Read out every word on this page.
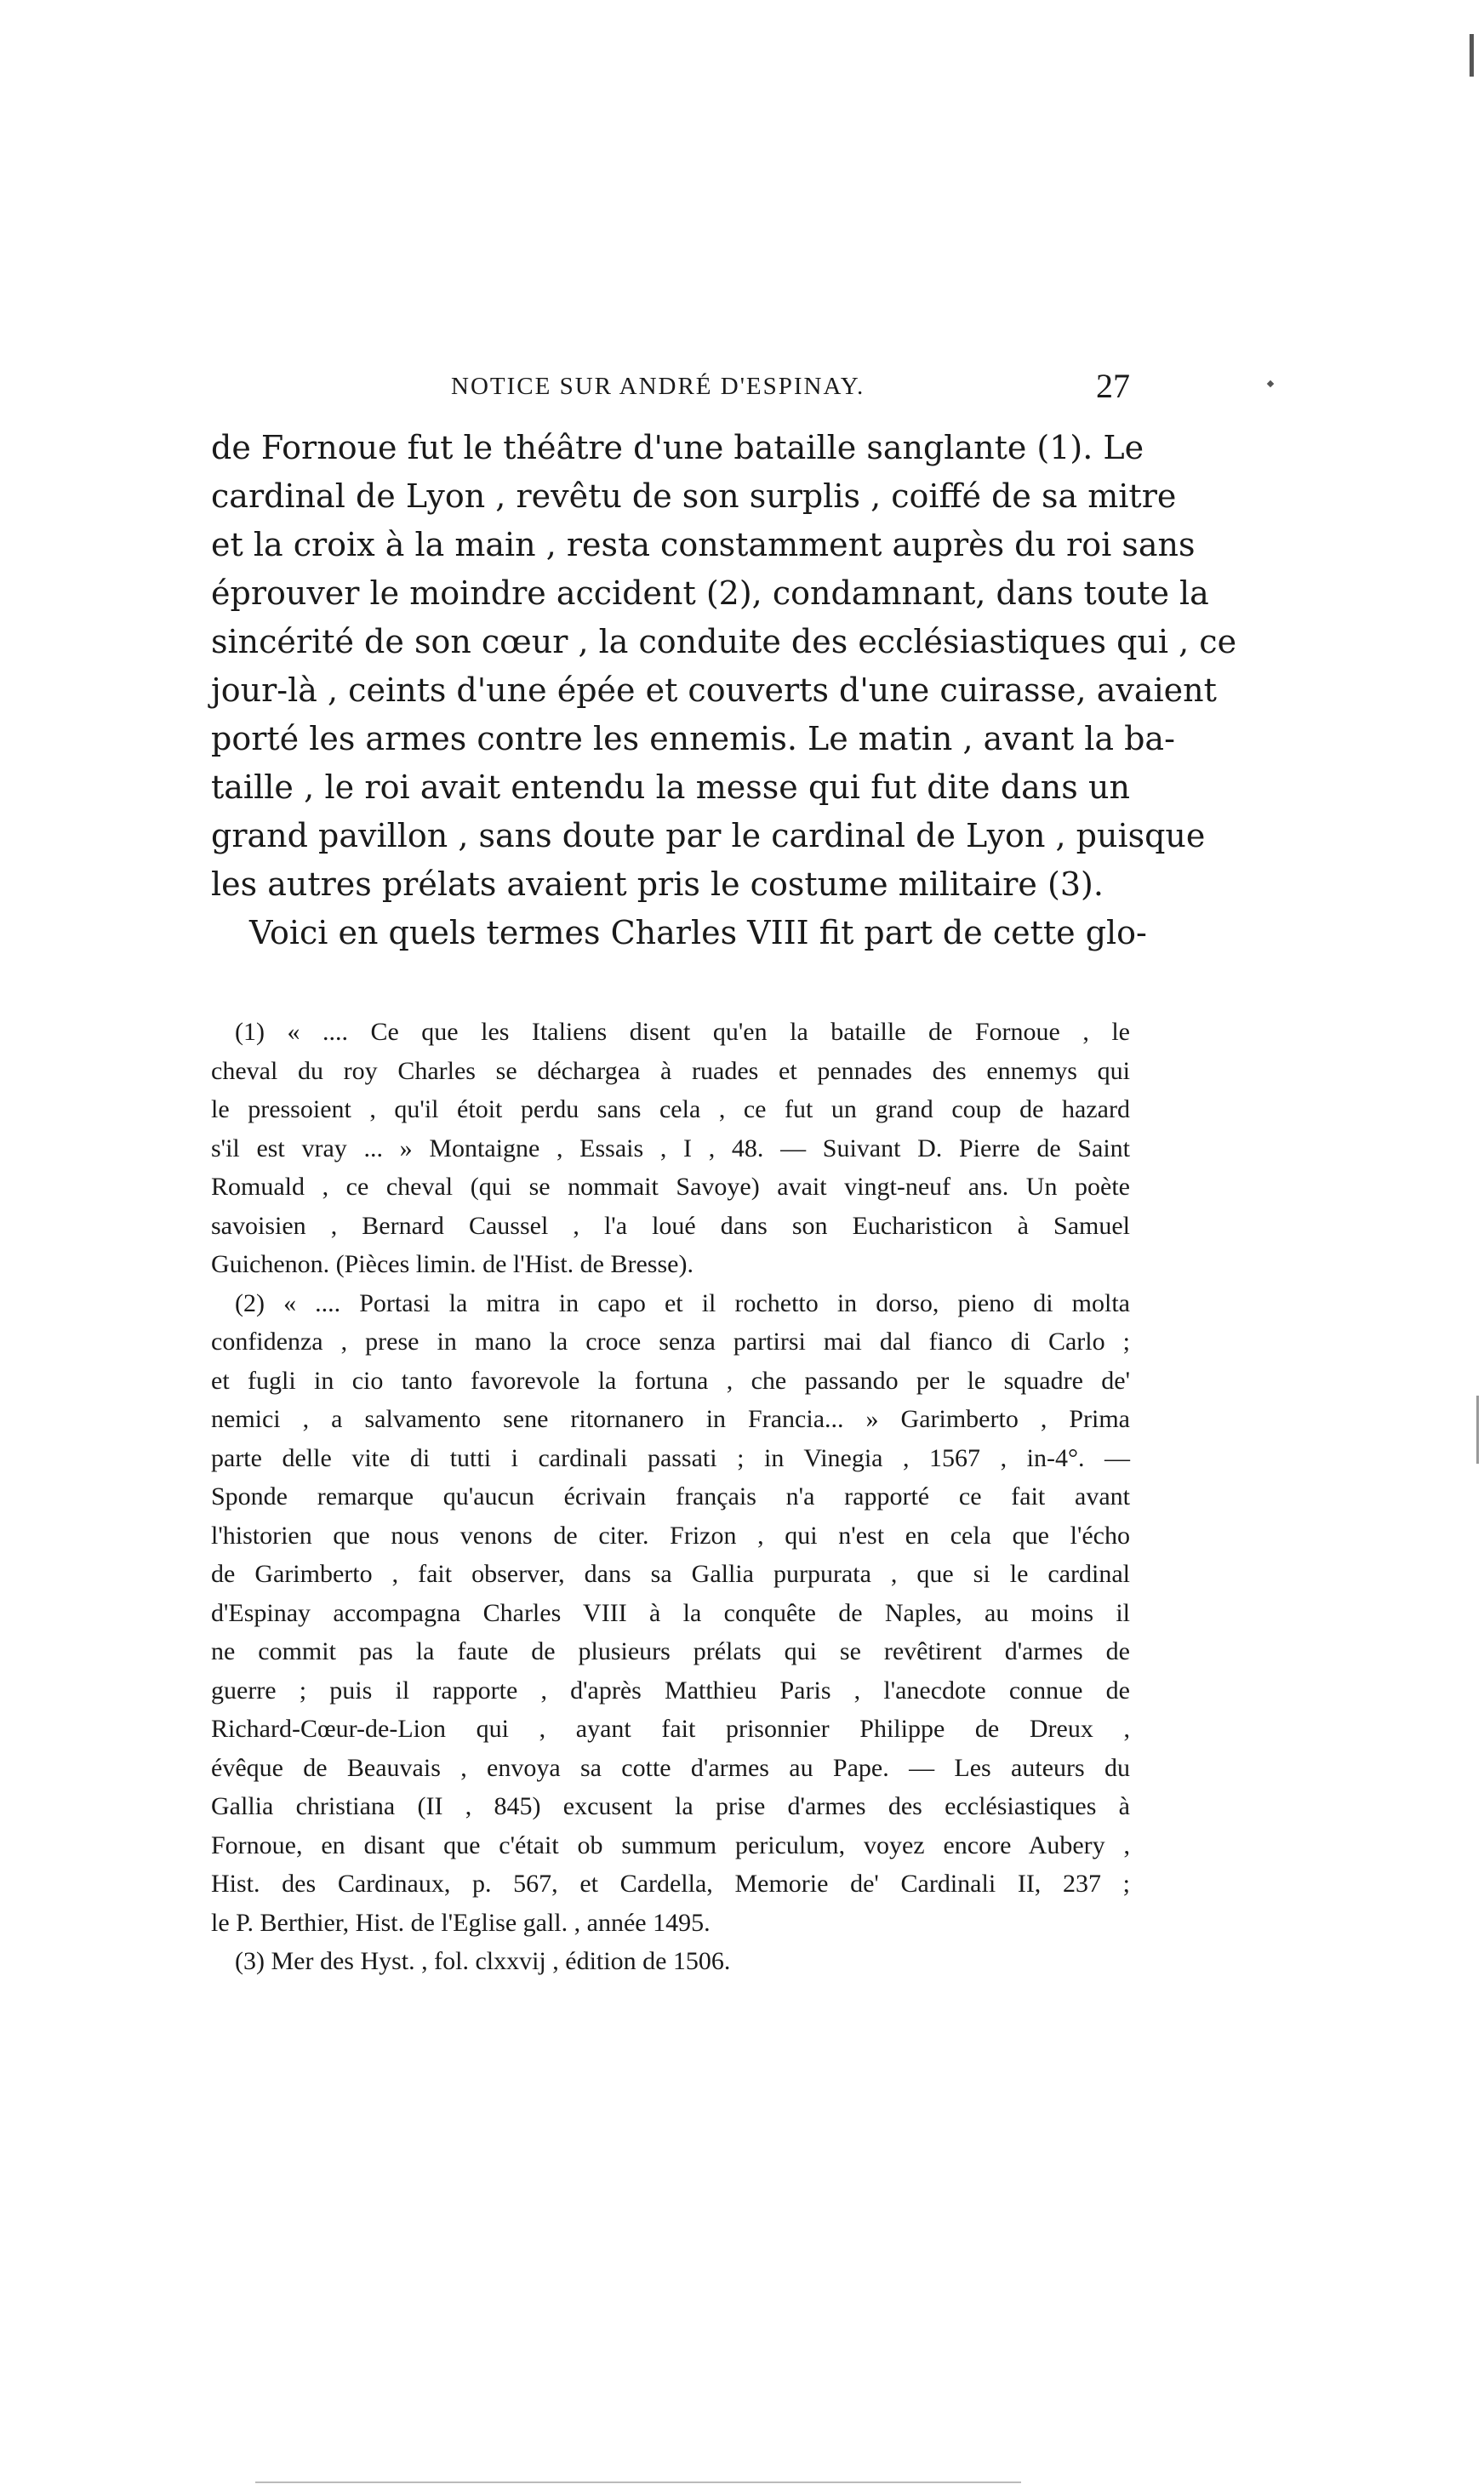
NOTICE SUR ANDRÉ D'ESPINAY.	27
de Fornoue fut le théâtre d'une bataille sanglante (1). Le
cardinal de Lyon , revêtu de son surplis , coiffé de sa mitre
et la croix à la main , resta constamment auprès du roi sans
éprouver le moindre accident (2), condamnant, dans toute la
sincérité de son cœur , la conduite des ecclésiastiques qui , ce
jour-là , ceints d'une épée et couverts d'une cuirasse, avaient
porté les armes contre les ennemis. Le matin , avant la ba-
taille , le roi avait entendu la messe qui fut dite dans un
grand pavillon , sans doute par le cardinal de Lyon , puisque
les autres prélats avaient pris le costume militaire (3).
Voici en quels termes Charles VIII fit part de cette glo-
(1) « .... Ce que les Italiens disent qu'en la bataille de Fornoue , le
cheval du roy Charles se déchargea à ruades et pennades des ennemys qui
le pressoient , qu'il étoit perdu sans cela , ce fut un grand coup de hazard
s'il est vray ... » Montaigne , Essais , I , 48. — Suivant D. Pierre de Saint
Romuald , ce cheval (qui se nommait Savoye) avait vingt-neuf ans. Un poète
savoisien , Bernard Caussel , l'a loué dans son Eucharisticon à Samuel
Guichenon. (Pièces limin. de l'Hist. de Bresse).
(2) « .... Portasi la mitra in capo et il rochetto in dorso, pieno di molta
confidenza , prese in mano la croce senza partirsi mai dal fianco di Carlo ;
et fugli in cio tanto favorevole la fortuna , che passando per le squadre de'
nemici , a salvamento sene ritornanero in Francia... » Garimberto , Prima
parte delle vite di tutti i cardinali passati ; in Vinegia , 1567 , in-4°. —
Sponde remarque qu'aucun écrivain français n'a rapporté ce fait avant
l'historien que nous venons de citer. Frizon , qui n'est en cela que l'écho
de Garimberto , fait observer, dans sa Gallia purpurata , que si le cardinal
d'Espinay accompagna Charles VIII à la conquête de Naples, au moins il
ne commit pas la faute de plusieurs prélats qui se revêtirent d'armes de
guerre ; puis il rapporte , d'après Matthieu Paris , l'anecdote connue de
Richard-Cœur-de-Lion qui , ayant fait prisonnier Philippe de Dreux ,
évêque de Beauvais , envoya sa cotte d'armes au Pape. — Les auteurs du
Gallia christiana (II , 845) excusent la prise d'armes des ecclésiastiques à
Fornoue, en disant que c'était ob summum periculum, voyez encore Aubery ,
Hist. des Cardinaux, p. 567, et Cardella, Memorie de' Cardinali II, 237 ;
le P. Berthier, Hist. de l'Eglise gall. , année 1495.
(3) Mer des Hyst. , fol. clxxvij , édition de 1506.
